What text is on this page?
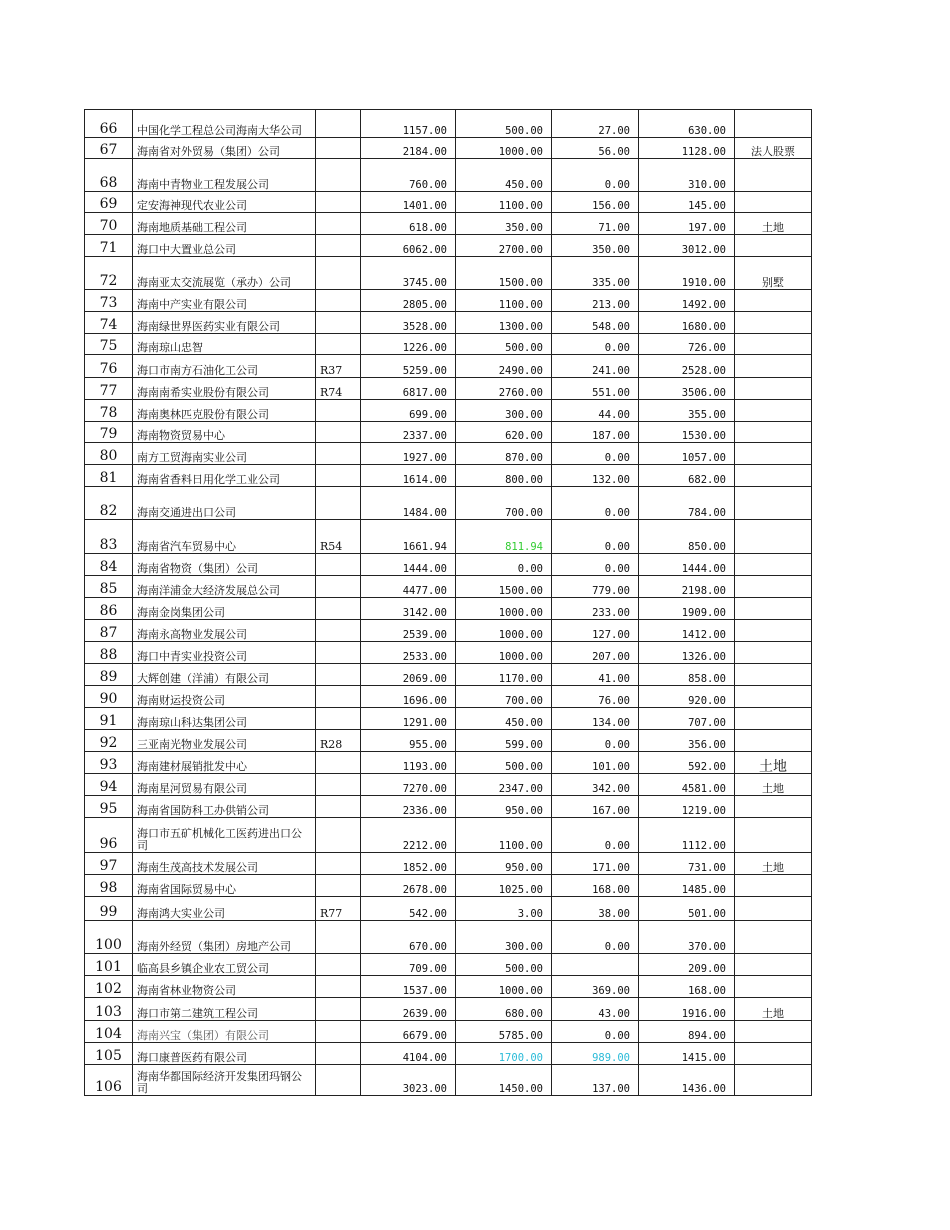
66	中国化学工程总公司海南大华公司		1157.00	500.00	27.00	630.00	
67	海南省对外贸易（集团）公司		2184.00	1000.00	56.00	1128.00	法人股票
68	海南中青物业工程发展公司		760.00	450.00	0.00	310.00	
69	定安海神现代农业公司		1401.00	1100.00	156.00	145.00	
70	海南地质基础工程公司		618.00	350.00	71.00	197.00	土地
71	海口中大置业总公司		6062.00	2700.00	350.00	3012.00	
72	海南亚太交流展览（承办）公司		3745.00	1500.00	335.00	1910.00	别墅
73	海南中产实业有限公司		2805.00	1100.00	213.00	1492.00	
74	海南绿世界医药实业有限公司		3528.00	1300.00	548.00	1680.00	
75	海南琼山忠智		1226.00	500.00	0.00	726.00	
76	海口市南方石油化工公司	R37	5259.00	2490.00	241.00	2528.00	
77	海南南希实业股份有限公司	R74	6817.00	2760.00	551.00	3506.00	
78	海南奥林匹克股份有限公司		699.00	300.00	44.00	355.00	
79	海南物资贸易中心		2337.00	620.00	187.00	1530.00	
80	南方工贸海南实业公司		1927.00	870.00	0.00	1057.00	
81	海南省香料日用化学工业公司		1614.00	800.00	132.00	682.00	
82	海南交通进出口公司		1484.00	700.00	0.00	784.00	
83	海南省汽车贸易中心	R54	1661.94	811.94	0.00	850.00	
84	海南省物资（集团）公司		1444.00	0.00	0.00	1444.00	
85	海南洋浦金大经济发展总公司		4477.00	1500.00	779.00	2198.00	
86	海南金岗集团公司		3142.00	1000.00	233.00	1909.00	
87	海南永高物业发展公司		2539.00	1000.00	127.00	1412.00	
88	海口中青实业投资公司		2533.00	1000.00	207.00	1326.00	
89	大辉创建（洋浦）有限公司		2069.00	1170.00	41.00	858.00	
90	海南财运投资公司		1696.00	700.00	76.00	920.00	
91	海南琼山科达集团公司		1291.00	450.00	134.00	707.00	
92	三亚南光物业发展公司	R28	955.00	599.00	0.00	356.00	
93	海南建材展销批发中心		1193.00	500.00	101.00	592.00	土地
94	海南星河贸易有限公司		7270.00	2347.00	342.00	4581.00	土地
95	海南省国防科工办供销公司		2336.00	950.00	167.00	1219.00	
96	海口市五矿机械化工医药进出口公司		2212.00	1100.00	0.00	1112.00	
97	海南生茂高技术发展公司		1852.00	950.00	171.00	731.00	土地
98	海南省国际贸易中心		2678.00	1025.00	168.00	1485.00	
99	海南鸿大实业公司	R77	542.00	3.00	38.00	501.00	
100	海南外经贸（集团）房地产公司		670.00	300.00	0.00	370.00	
101	临高县乡镇企业农工贸公司		709.00	500.00		209.00	
102	海南省林业物资公司		1537.00	1000.00	369.00	168.00	
103	海口市第二建筑工程公司		2639.00	680.00	43.00	1916.00	土地
104	海南兴宝（集团）有限公司		6679.00	5785.00	0.00	894.00	
105	海口康普医药有限公司		4104.00	1700.00	989.00	1415.00	
106	海南华都国际经济开发集团玛钢公司		3023.00	1450.00	137.00	1436.00	
